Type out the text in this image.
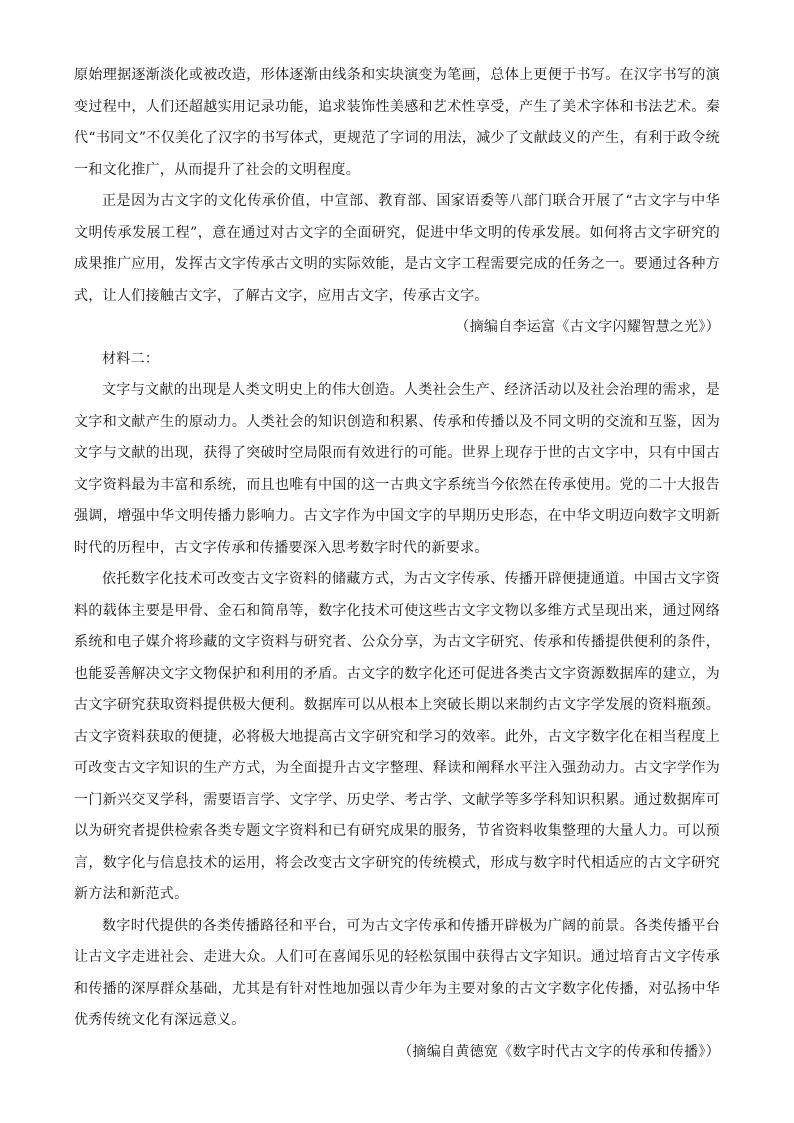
原始理据逐渐淡化或被改造，形体逐渐由线条和实块演变为笔画，总体上更便于书写。在汉字书写的演变过程中，人们还超越实用记录功能，追求装饰性美感和艺术性享受，产生了美术字体和书法艺术。秦代“书同文”不仅美化了汉字的书写体式，更规范了字词的用法，减少了文献歧义的产生，有利于政令统一和文化推广，从而提升了社会的文明程度。

正是因为古文字的文化传承价值，中宣部、教育部、国家语委等八部门联合开展了“古文字与中华文明传承发展工程”，意在通过对古文字的全面研究，促进中华文明的传承发展。如何将古文字研究的成果推广应用，发挥古文字传承古文明的实际效能，是古文字工程需要完成的任务之一。要通过各种方式，让人们接触古文字，了解古文字，应用古文字，传承古文字。

（摘编自李运富《古文字闪耀智慧之光》）

材料二：

文字与文献的出现是人类文明史上的伟大创造。人类社会生产、经济活动以及社会治理的需求，是文字和文献产生的原动力。人类社会的知识创造和积累、传承和传播以及不同文明的交流和互鉴，因为文字与文献的出现，获得了突破时空局限而有效进行的可能。世界上现存于世的古文字中，只有中国古文字资料最为丰富和系统，而且也唯有中国的这一古典文字系统当今依然在传承使用。党的二十大报告强调，增强中华文明传播力影响力。古文字作为中国文字的早期历史形态，在中华文明迈向数字文明新时代的历程中，古文字传承和传播要深入思考数字时代的新要求。

依托数字化技术可改变古文字资料的储藏方式，为古文字传承、传播开辟便捷通道。中国古文字资料的载体主要是甲骨、金石和简帛等，数字化技术可使这些古文字文物以多维方式呈现出来，通过网络系统和电子媒介将珍藏的文字资料与研究者、公众分享，为古文字研究、传承和传播提供便利的条件，也能妥善解决文字文物保护和利用的矛盾。古文字的数字化还可促进各类古文字资源数据库的建立，为古文字研究获取资料提供极大便利。数据库可以从根本上突破长期以来制约古文字学发展的资料瓶颈。古文字资料获取的便捷，必将极大地提高古文字研究和学习的效率。此外，古文字数字化在相当程度上可改变古文字知识的生产方式，为全面提升古文字整理、释读和阐释水平注入强劲动力。古文字学作为一门新兴交叉学科，需要语言学、文字学、历史学、考古学、文献学等多学科知识积累。通过数据库可以为研究者提供检索各类专题文字资料和已有研究成果的服务，节省资料收集整理的大量人力。可以预言，数字化与信息技术的运用，将会改变古文字研究的传统模式，形成与数字时代相适应的古文字研究新方法和新范式。

数字时代提供的各类传播路径和平台，可为古文字传承和传播开辟极为广阔的前景。各类传播平台让古文字走进社会、走进大众。人们可在喜闻乐见的轻松氛围中获得古文字知识。通过培育古文字传承和传播的深厚群众基础，尤其是有针对性地加强以青少年为主要对象的古文字数字化传播，对弘扬中华优秀传统文化有深远意义。

（摘编自黄德宽《数字时代古文字的传承和传播》）
